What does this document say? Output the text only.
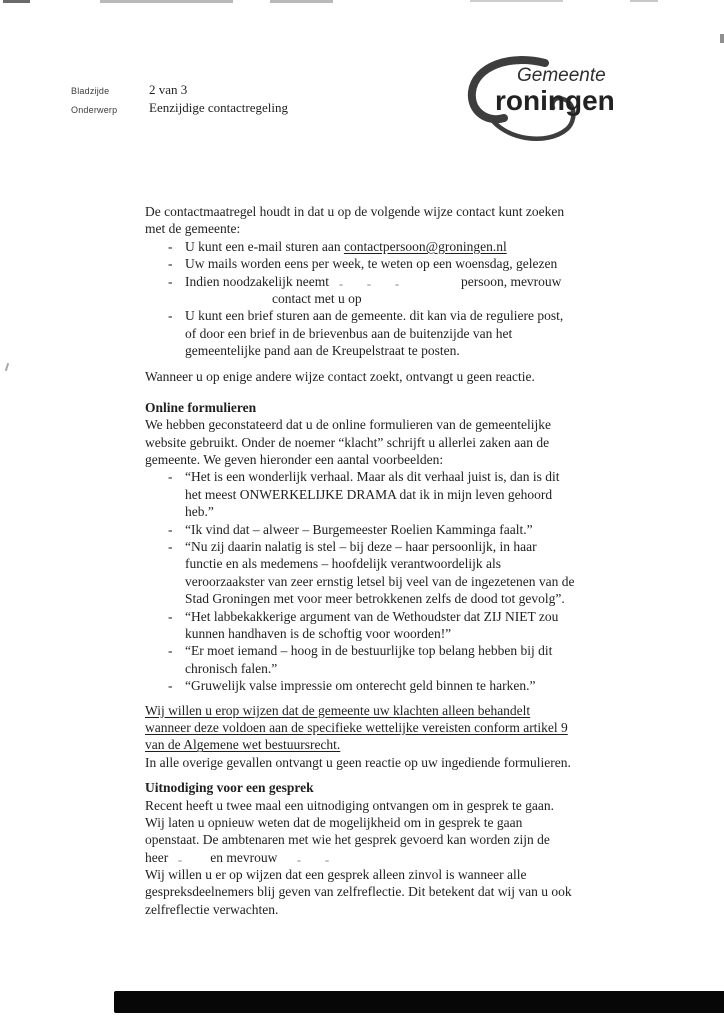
Bladzijde	2 van 3
Onderwerp Eenzijdige contactregeling
Gemeente
roningen
De contactmaatregel houdt in dat u op de volgende wijze contact kunt zoeken
met de gemeente:
- U kunt een e-mail sturen aan contactpersoon@groningen.nl
- Uw mails worden eens per week, te weten op een woensdag, gelezen
- Indien noodzakelijk neemt	persoon, mevrouw
contact met u op
- U kunt een brief sturen aan de gemeente. dit kan via de reguliere post,
of door een brief in de brievenbus aan de buitenzijde van het
gemeentelijke pand aan de Kreupelstraat te posten.
Wanneer u op enige andere wijze contact zoekt, ontvangt u geen reactie.
Online formulieren
We hebben geconstateerd dat u de online formulieren van de gemeentelijke
website gebruikt. Onder de noemer “klacht” schrijft u allerlei zaken aan de
gemeente. We geven hieronder een aantal voorbeelden:
- “Het is een wonderlijk verhaal. Maar als dit verhaal juist is, dan is dit
het meest ONWERKELIJKE DRAMA dat ik in mijn leven gehoord
heb.”
- “Ik vind dat – alweer – Burgemeester Roelien Kamminga faalt.”
- “Nu zij daarin nalatig is stel – bij deze – haar persoonlijk, in haar
functie en als medemens – hoofdelijk verantwoordelijk als
veroorzaakster van zeer ernstig letsel bij veel van de ingezetenen van de
Stad Groningen met voor meer betrokkenen zelfs de dood tot gevolg”.
- “Het labbekakkerige argument van de Wethoudster dat ZIJ NIET zou
kunnen handhaven is de schoftig voor woorden!”
- “Er moet iemand – hoog in de bestuurlijke top belang hebben bij dit
chronisch falen.”
- “Gruwelijk valse impressie om onterecht geld binnen te harken.”
Wij willen u erop wijzen dat de gemeente uw klachten alleen behandelt
wanneer deze voldoen aan de specifieke wettelijke vereisten conform artikel 9
van de Algemene wet bestuursrecht.
In alle overige gevallen ontvangt u geen reactie op uw ingediende formulieren.
Uitnodiging voor een gesprek
Recent heeft u twee maal een uitnodiging ontvangen om in gesprek te gaan.
Wij laten u opnieuw weten dat de mogelijkheid om in gesprek te gaan
openstaat. De ambtenaren met wie het gesprek gevoerd kan worden zijn de
heer	en mevrouw
Wij willen u er op wijzen dat een gesprek alleen zinvol is wanneer alle
gespreksdeelnemers blij geven van zelfreflectie. Dit betekent dat wij van u ook
zelfreflectie verwachten.
